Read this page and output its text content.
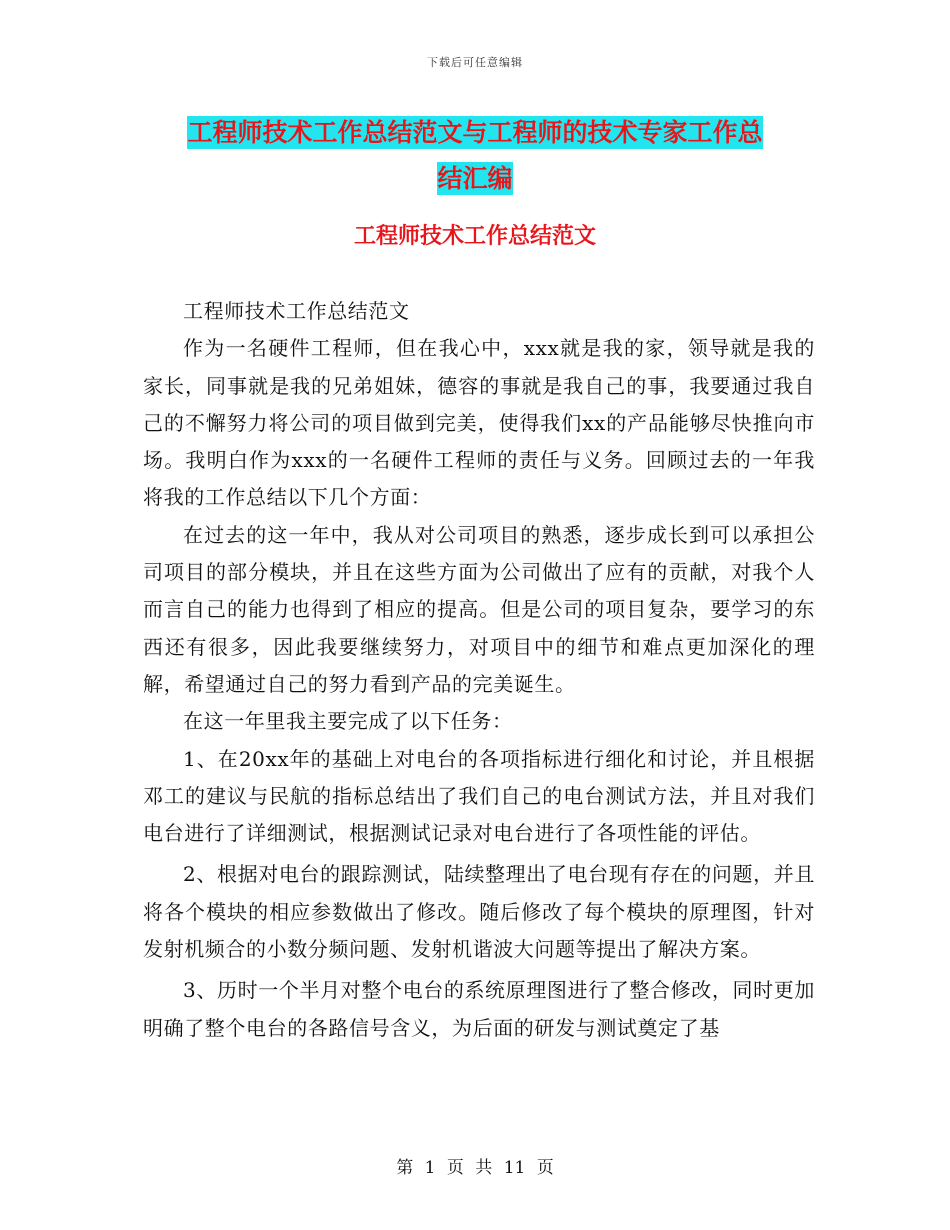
下载后可任意编辑
工程师技术工作总结范文与工程师的技术专家工作总
结汇编
工程师技术工作总结范文

工程师技术工作总结范文

作为一名硬件工程师，但在我心中，xxx就是我的家，领导就是我的家长，同事就是我的兄弟姐妹，德容的事就是我自己的事，我要通过我自己的不懈努力将公司的项目做到完美，使得我们xx的产品能够尽快推向市场。我明白作为xxx的一名硬件工程师的责任与义务。回顾过去的一年我将我的工作总结以下几个方面：

在过去的这一年中，我从对公司项目的熟悉，逐步成长到可以承担公司项目的部分模块，并且在这些方面为公司做出了应有的贡献，对我个人而言自己的能力也得到了相应的提高。但是公司的项目复杂，要学习的东西还有很多，因此我要继续努力，对项目中的细节和难点更加深化的理解，希望通过自己的努力看到产品的完美诞生。

在这一年里我主要完成了以下任务：

1、在20xx年的基础上对电台的各项指标进行细化和讨论，并且根据邓工的建议与民航的指标总结出了我们自己的电台测试方法，并且对我们电台进行了详细测试，根据测试记录对电台进行了各项性能的评估。

2、根据对电台的跟踪测试，陆续整理出了电台现有存在的问题，并且将各个模块的相应参数做出了修改。随后修改了每个模块的原理图，针对发射机频合的小数分频问题、发射机谐波大问题等提出了解决方案。

3、历时一个半月对整个电台的系统原理图进行了整合修改，同时更加明确了整个电台的各路信号含义，为后面的研发与测试奠定了基

第 1 页 共 11 页
